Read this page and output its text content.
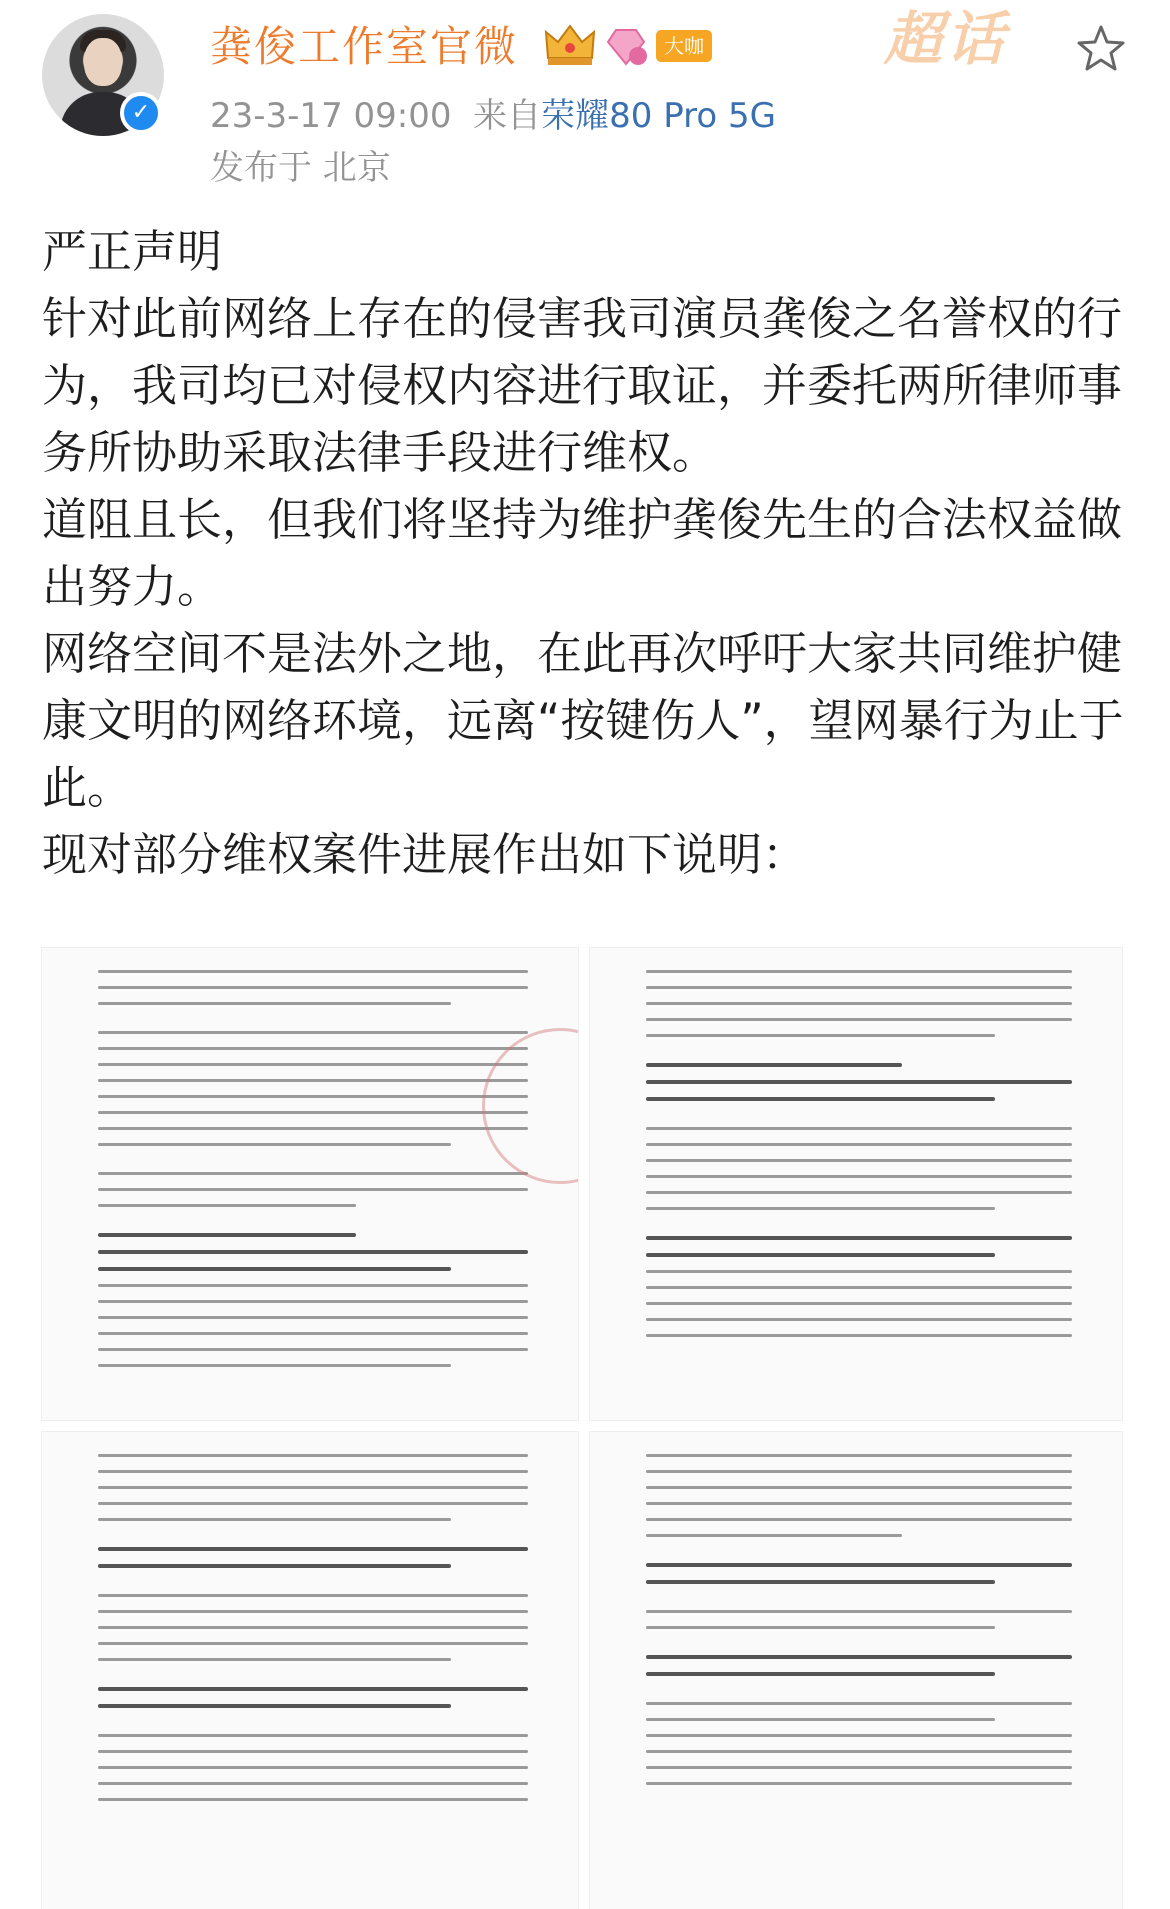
✓
龚俊工作室官微	大咖	超话
23-3-17 09:00 来自荣耀80 Pro 5G
发布于 北京

严正声明

针对此前网络上存在的侵害我司演员龚俊之名誉权的行为，我司均已对侵权内容进行取证，并委托两所律师事务所协助采取法律手段进行维权。

道阻且长，但我们将坚持为维护龚俊先生的合法权益做出努力。

网络空间不是法外之地，在此再次呼吁大家共同维护健康文明的网络环境，远离“按键伤人”，望网暴行为止于此。

现对部分维权案件进展作出如下说明：
